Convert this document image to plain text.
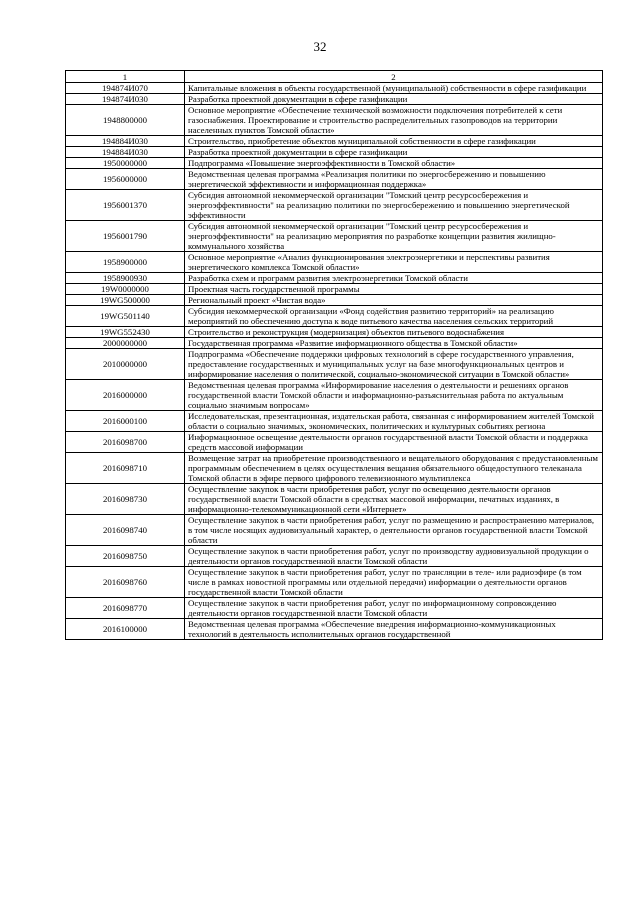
32
1	2
194874И070	Капитальные вложения в объекты государственной (муниципальной) собственности в сфере газификации
194874И030	Разработка проектной документации в сфере газификации
1948800000	Основное мероприятие «Обеспечение технической возможности подключения потребителей к сети газоснабжения. Проектирование и строительство распределительных газопроводов на территории населенных пунктов Томской области»
194884И030	Строительство, приобретение объектов муниципальной собственности в сфере газификации
194884И030	Разработка проектной документации в сфере газификации
1950000000	Подпрограмма «Повышение энергоэффективности в Томской области»
1956000000	Ведомственная целевая программа «Реализация политики по энергосбережению и повышению энергетической эффективности и информационная поддержка»
1956001370	Субсидия автономной некоммерческой организации "Томский центр ресурсосбережения и энергоэффективности" на реализацию политики по энергосбережению и повышению энергетической эффективности
1956001790	Субсидия автономной некоммерческой организации "Томский центр ресурсосбережения и энергоэффективности" на реализацию мероприятия по разработке концепции развития жилищно-коммунального хозяйства
1958900000	Основное мероприятие «Анализ функционирования электроэнергетики и перспективы развития энергетического комплекса Томской области»
1958900930	Разработка схем и программ развития электроэнергетики Томской области
19W0000000	Проектная часть государственной программы
19WG500000	Региональный проект «Чистая вода»
19WG501140	Субсидия некоммерческой организации «Фонд содействия развитию территорий» на реализацию мероприятий по обеспечению доступа к воде питьевого качества населения сельских территорий
19WG552430	Строительство и реконструкция (модернизация) объектов питьевого водоснабжения
2000000000	Государственная программа «Развитие информационного общества в Томской области»
2010000000	Подпрограмма «Обеспечение поддержки цифровых технологий в сфере государственного управления, предоставление государственных и муниципальных услуг на базе многофункциональных центров и информирование населения о политической, социально-экономической ситуации в Томской области»
2016000000	Ведомственная целевая программа «Информирование населения о деятельности и решениях органов государственной власти Томской области и информационно-разъяснительная работа по актуальным социально значимым вопросам»
2016000100	Исследовательская, презентационная, издательская работа, связанная с информированием жителей Томской области о социально значимых, экономических, политических и культурных событиях региона
2016098700	Информационное освещение деятельности органов государственной власти Томской области и поддержка средств массовой информации
2016098710	Возмещение затрат на приобретение производственного и вещательного оборудования с предустановленным программным обеспечением в целях осуществления вещания обязательного общедоступного телеканала Томской области в эфире первого цифрового телевизионного мультиплекса
2016098730	Осуществление закупок в части приобретения работ, услуг по освещению деятельности органов государственной власти Томской области в средствах массовой информации, печатных изданиях, в информационно-телекоммуникационной сети «Интернет»
2016098740	Осуществление закупок в части приобретения работ, услуг по размещению и распространению материалов, в том числе носящих аудиовизуальный характер, о деятельности органов государственной власти Томской области
2016098750	Осуществление закупок в части приобретения работ, услуг по производству аудиовизуальной продукции о деятельности органов государственной власти Томской области
2016098760	Осуществление закупок в части приобретения работ, услуг по трансляции в теле- или радиоэфире (в том числе в рамках новостной программы или отдельной передачи) информации о деятельности органов государственной власти Томской области
2016098770	Осуществление закупок в части приобретения работ, услуг по информационному сопровождению деятельности органов государственной власти Томской области
2016100000	Ведомственная целевая программа «Обеспечение внедрения информационно-коммуникационных технологий в деятельность исполнительных органов государственной
